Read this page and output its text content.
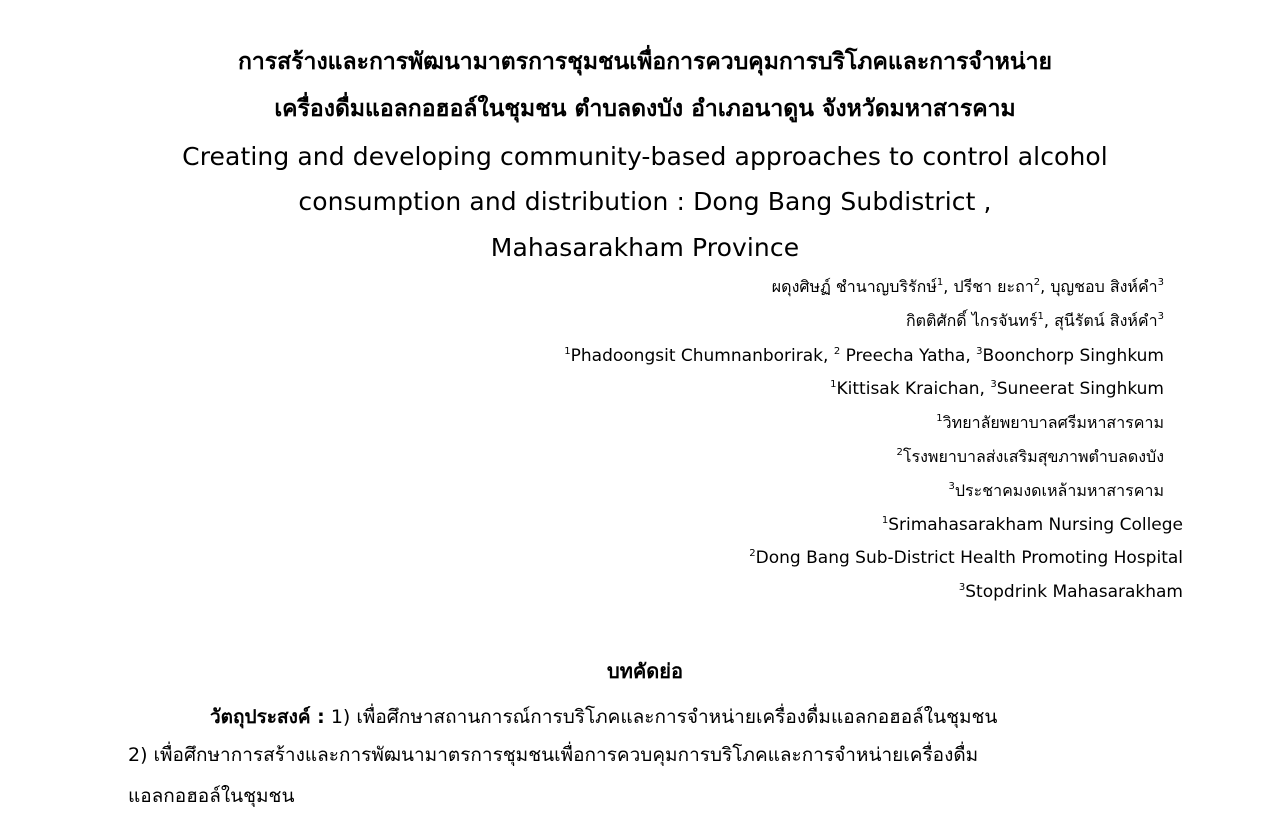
การสร้างและการพัฒนามาตรการชุมชนเพื่อการควบคุมการบริโภคและการจำหน่าย
เครื่องดื่มแอลกอฮอล์ในชุมชน ตำบลดงบัง อำเภอนาดูน จังหวัดมหาสารคาม
Creating and developing community-based approaches to control alcohol
consumption and distribution : Dong Bang Subdistrict ,
Mahasarakham Province
ผดุงศิษฏ์ ชำนาญบริรักษ์$^1$, ปรีชา ยะถา$^2$, บุญชอบ สิงห์คำ$^3$
กิตติศักดิ์ ไกรจันทร์$^1$, สุนีรัตน์ สิงห์คำ$^3$
$^1$Phadoongsit Chumnanborirak, $^2$ Preecha Yatha, $^3$Boonchorp Singhkum
$^1$Kittisak Kraichan, $^3$Suneerat Singhkum
$^1$วิทยาลัยพยาบาลศรีมหาสารคาม
$^2$โรงพยาบาลส่งเสริมสุขภาพตำบลดงบัง
$^3$ประชาคมงดเหล้ามหาสารคาม
$^1$Srimahasarakham Nursing College
$^2$Dong Bang Sub-District Health Promoting Hospital
$^3$Stopdrink Mahasarakham
บทคัดย่อ
วัตถุประสงค์ : 1) เพื่อศึกษาสถานการณ์การบริโภคและการจำหน่ายเครื่องดื่มแอลกอฮอล์ในชุมชน
2) เพื่อศึกษาการสร้างและการพัฒนามาตรการชุมชนเพื่อการควบคุมการบริโภคและการจำหน่ายเครื่องดื่ม
แอลกอฮอล์ในชุมชน
